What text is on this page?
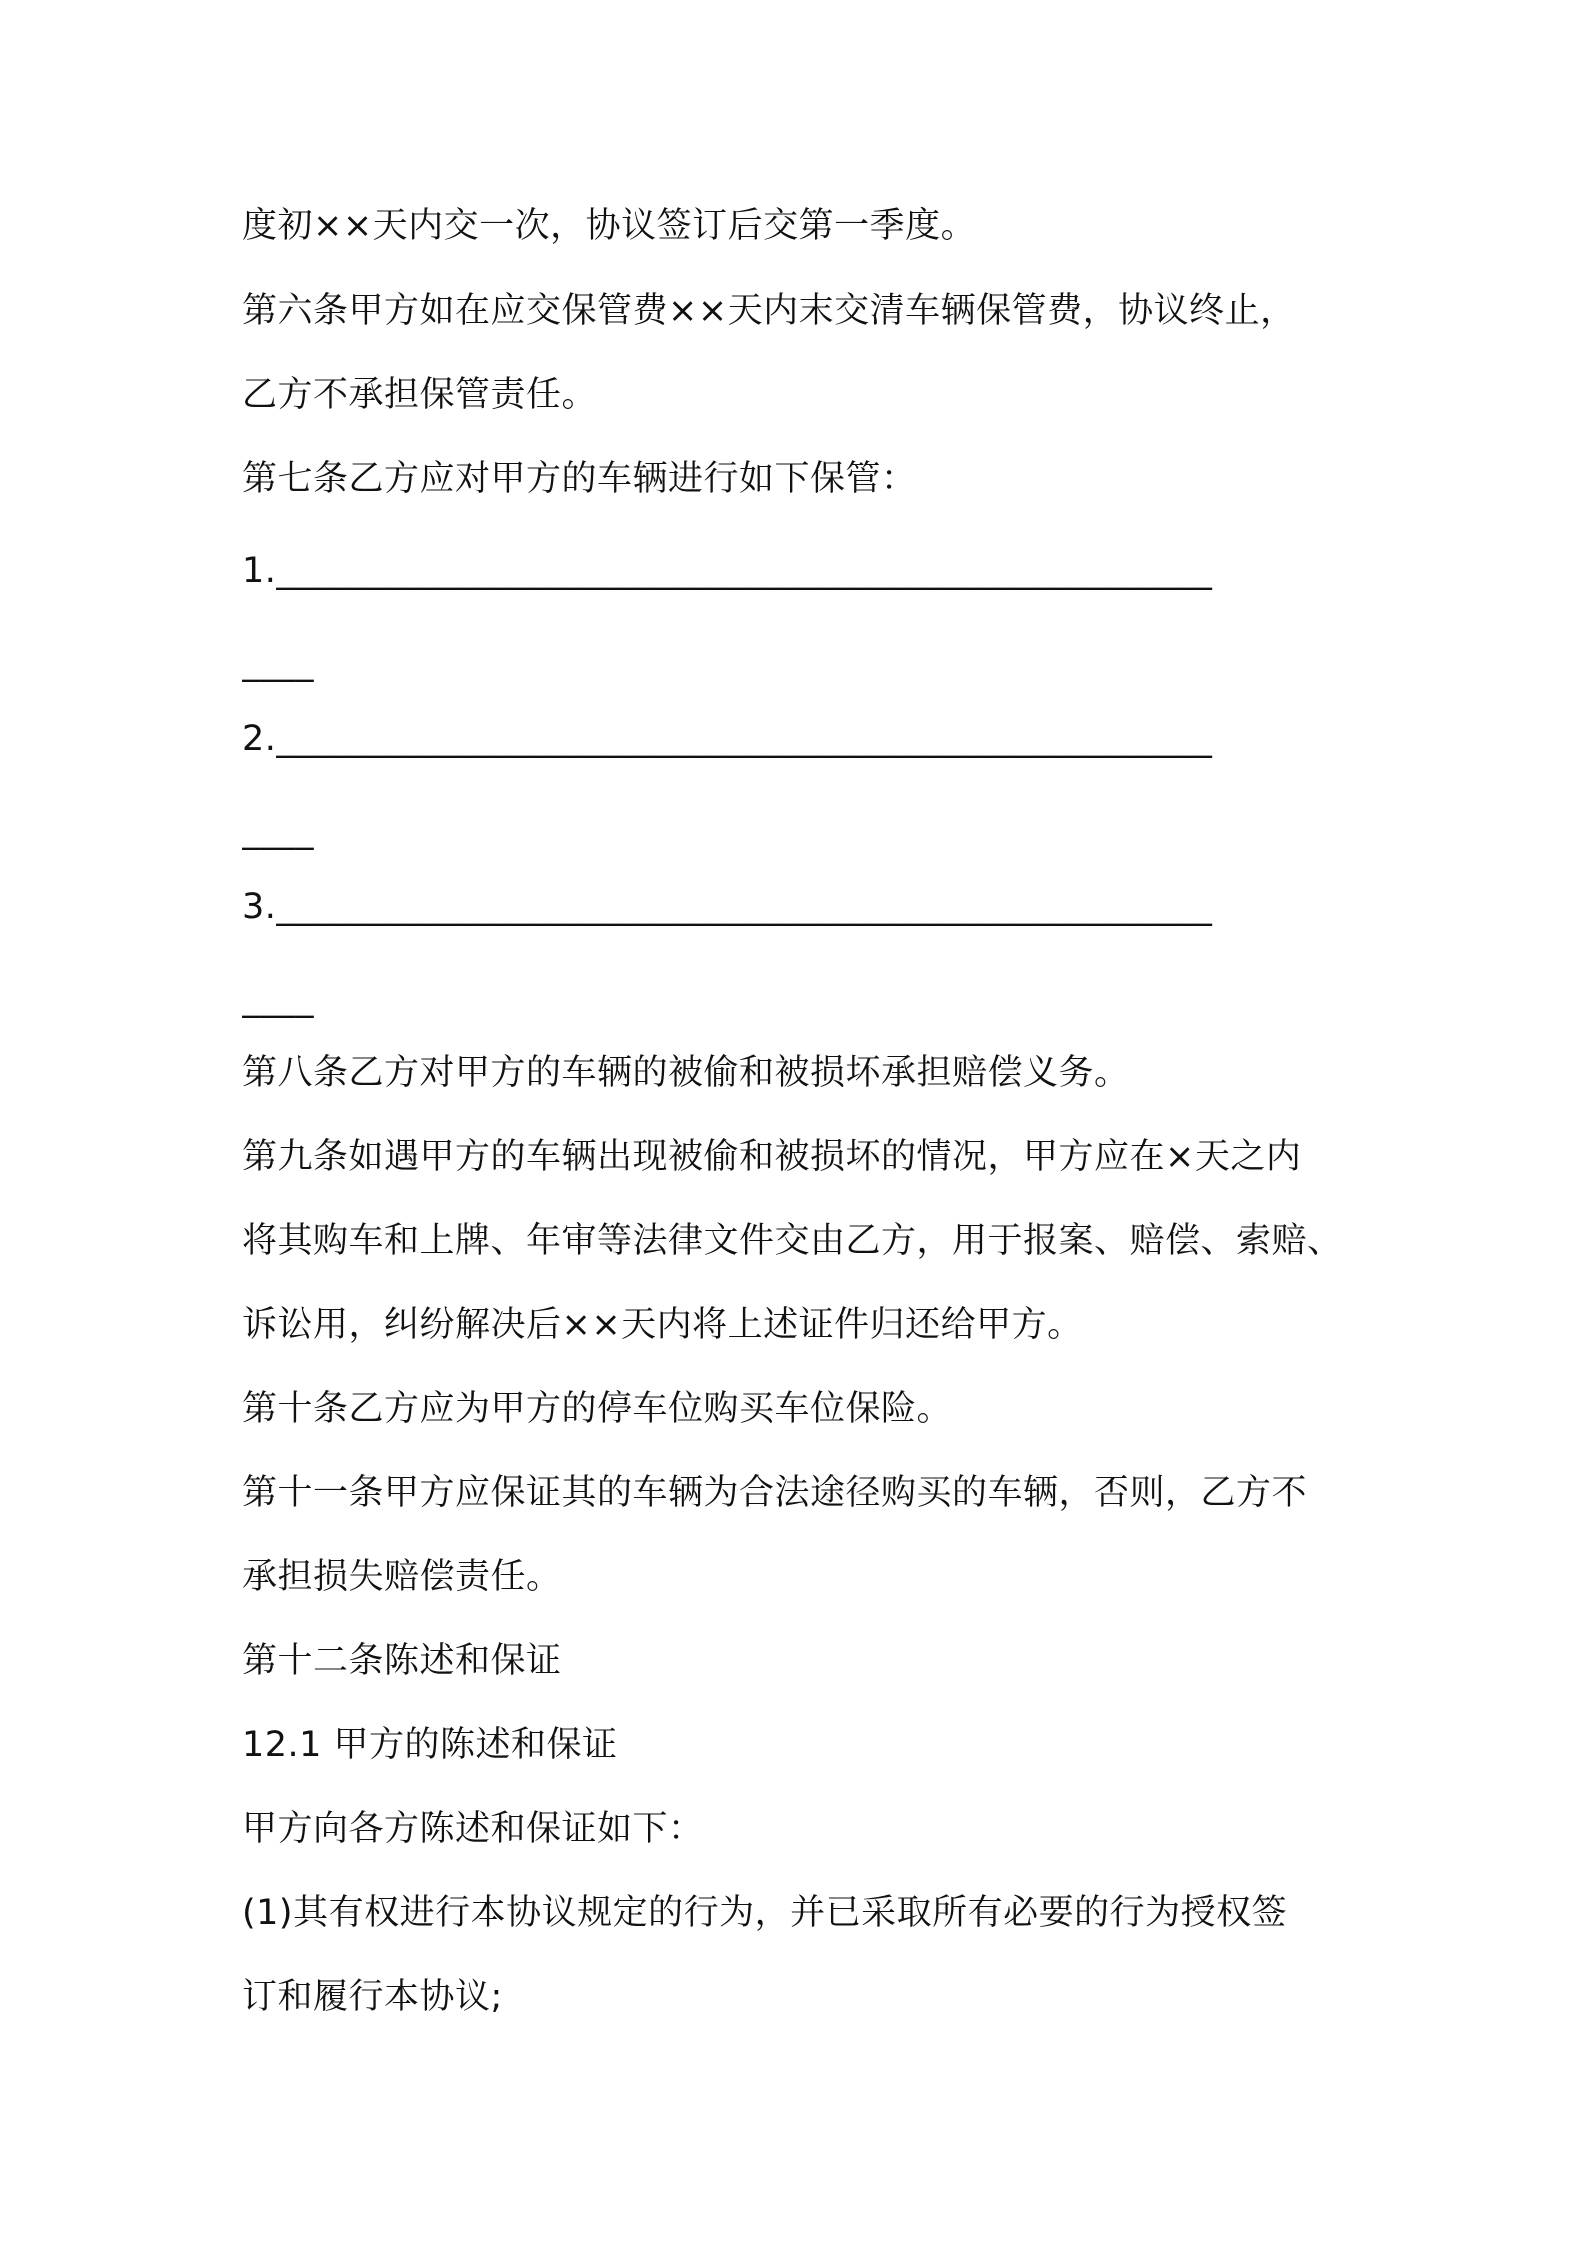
度初××天内交一次，协议签订后交第一季度。
第六条甲方如在应交保管费××天内末交清车辆保管费，协议终止，
乙方不承担保管责任。
第七条乙方应对甲方的车辆进行如下保管：
1.____________________________________________________
____
2.____________________________________________________
____
3.____________________________________________________
____
第八条乙方对甲方的车辆的被偷和被损坏承担赔偿义务。
第九条如遇甲方的车辆出现被偷和被损坏的情况，甲方应在×天之内
将其购车和上牌、年审等法律文件交由乙方，用于报案、赔偿、索赔、
诉讼用，纠纷解决后××天内将上述证件归还给甲方。
第十条乙方应为甲方的停车位购买车位保险。
第十一条甲方应保证其的车辆为合法途径购买的车辆，否则，乙方不
承担损失赔偿责任。
第十二条陈述和保证
12.1 甲方的陈述和保证
甲方向各方陈述和保证如下：
(1)其有权进行本协议规定的行为，并已采取所有必要的行为授权签
订和履行本协议;
